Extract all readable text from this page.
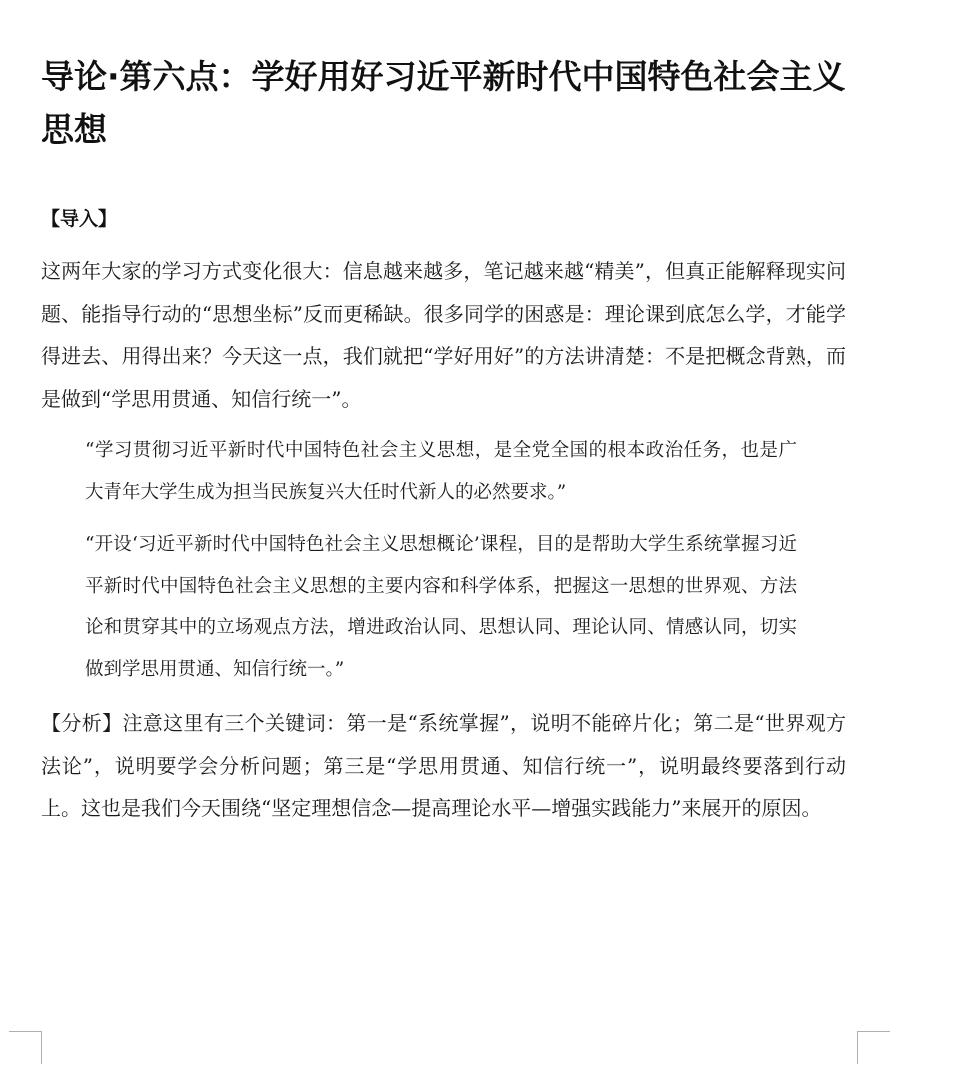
导论·第六点：学好用好习近平新时代中国特色社会主义思想
【导入】

这两年大家的学习方式变化很大：信息越来越多，笔记越来越“精美”，但真正能解释现实问题、能指导行动的“思想坐标”反而更稀缺。很多同学的困惑是：理论课到底怎么学，才能学得进去、用得出来？今天这一点，我们就把“学好用好”的方法讲清楚：不是把概念背熟，而是做到“学思用贯通、知信行统一”。

“学习贯彻习近平新时代中国特色社会主义思想，是全党全国的根本政治任务，也是广大青年大学生成为担当民族复兴大任时代新人的必然要求。”

“开设‘习近平新时代中国特色社会主义思想概论’课程，目的是帮助大学生系统掌握习近平新时代中国特色社会主义思想的主要内容和科学体系，把握这一思想的世界观、方法论和贯穿其中的立场观点方法，增进政治认同、思想认同、理论认同、情感认同，切实做到学思用贯通、知信行统一。”

【分析】注意这里有三个关键词：第一是“系统掌握”，说明不能碎片化；第二是“世界观方法论”，说明要学会分析问题；第三是“学思用贯通、知信行统一”，说明最终要落到行动上。这也是我们今天围绕“坚定理想信念—提高理论水平—增强实践能力”来展开的原因。
